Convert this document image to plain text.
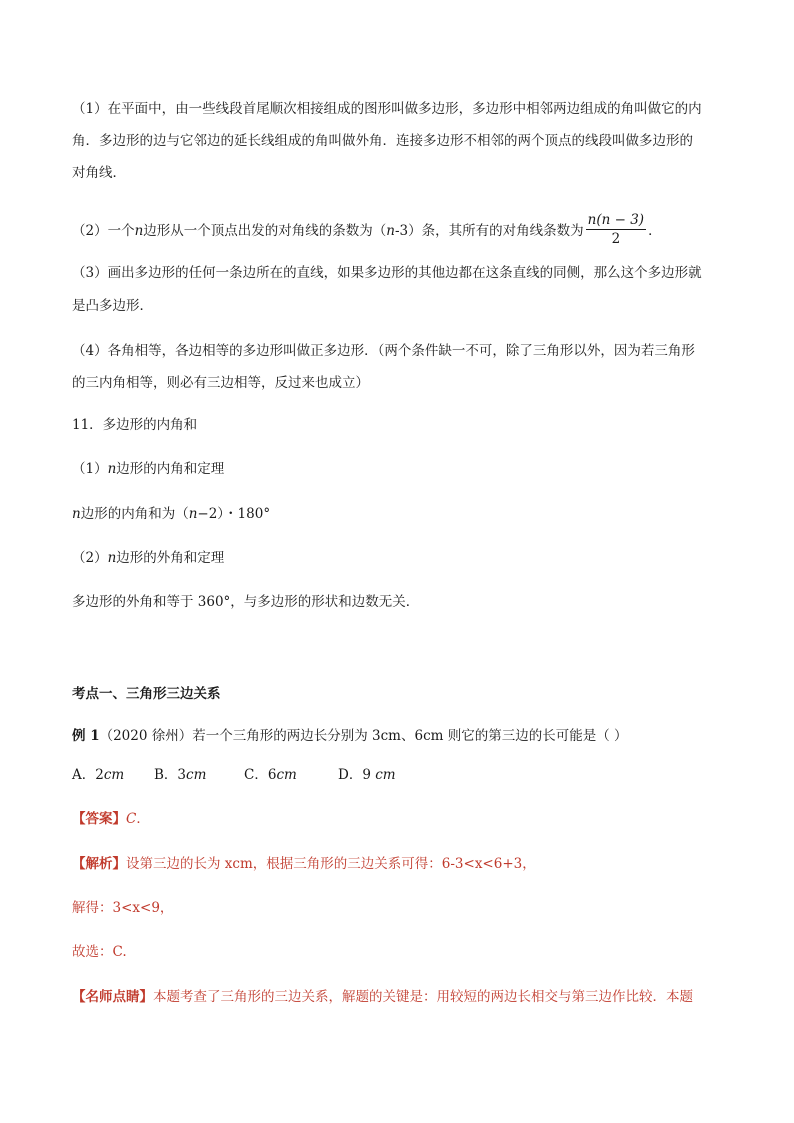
（1）在平面中，由一些线段首尾顺次相接组成的图形叫做多边形，多边形中相邻两边组成的角叫做它的内
角．多边形的边与它邻边的延长线组成的角叫做外角．连接多边形不相邻的两个顶点的线段叫做多边形的
对角线．
（2）一个n边形从一个顶点出发的对角线的条数为（n-3）条，其所有的对角线条数为 $\frac{n(n - 3)}{2}$ ．
（3）画出多边形的任何一条边所在的直线，如果多边形的其他边都在这条直线的同侧，那么这个多边形就
是凸多边形．
（4）各角相等，各边相等的多边形叫做正多边形．（两个条件缺一不可，除了三角形以外，因为若三角形
的三内角相等，则必有三边相等，反过来也成立）
11．多边形的内角和
（1）n边形的内角和定理
n边形的内角和为（n−2）・180°
（2）n边形的外角和定理
多边形的外角和等于 360°，与多边形的形状和边数无关．
考点一、三角形三边关系
例 1（2020 徐州）若一个三角形的两边长分别为 3cm、6cm 则它的第三边的长可能是（ ）
A．2cm B．3cm	C．6cm	D．9 cm
【答案】C．
【解析】设第三边的长为 xcm，根据三角形的三边关系可得：6-3<x<6+3，
解得：3<x<9，
故选：C.
【名师点睛】本题考查了三角形的三边关系，解题的关键是：用较短的两边长相交与第三边作比较．本题
